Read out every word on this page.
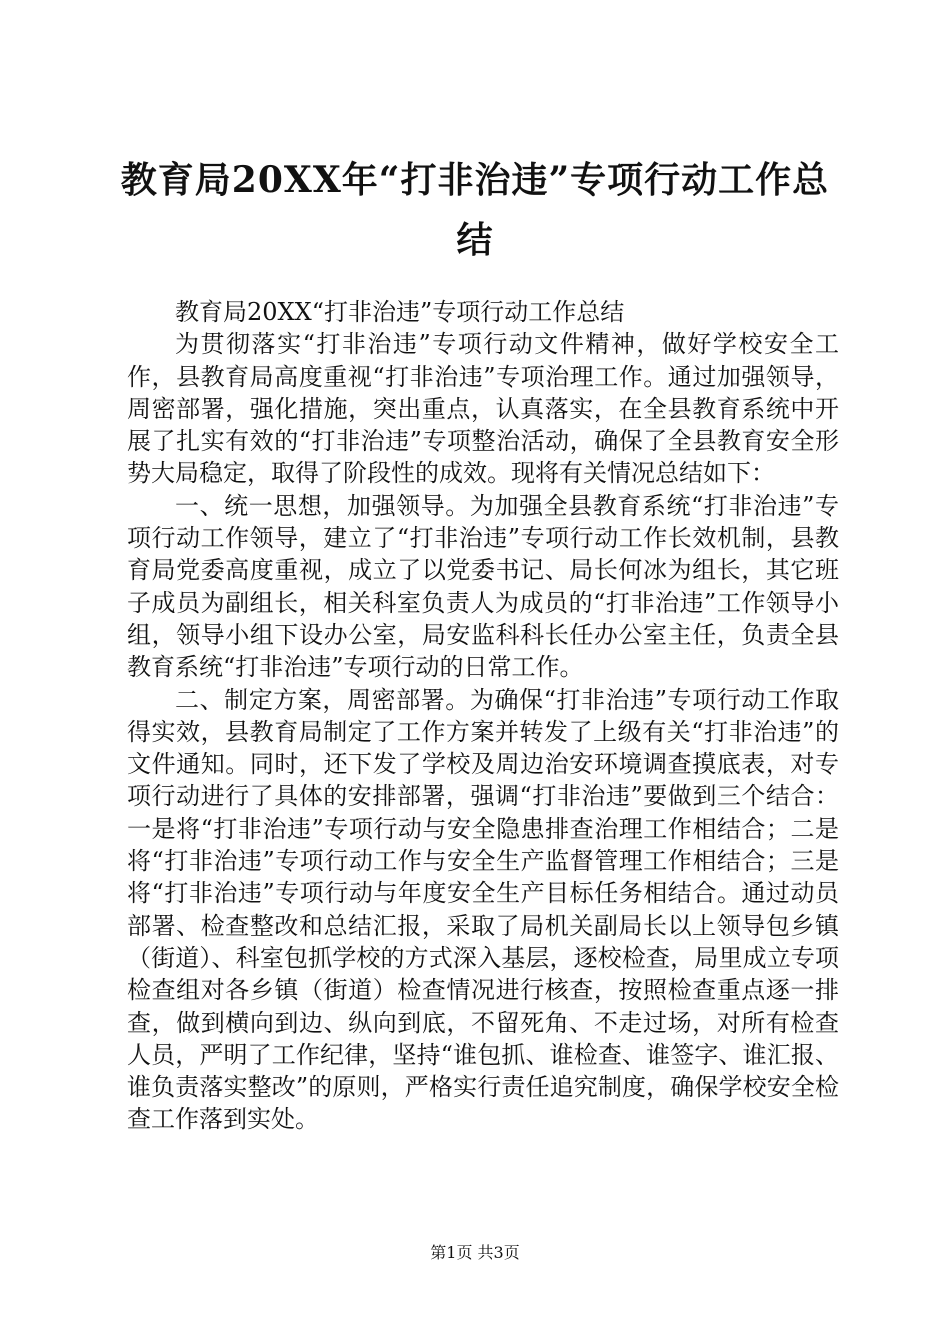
教育局20XX年“打非治违”专项行动工作总结

教育局20XX“打非治违”专项行动工作总结

为贯彻落实“打非治违”专项行动文件精神，做好学校安全工作，县教育局高度重视“打非治违”专项治理工作。通过加强领导，周密部署，强化措施，突出重点，认真落实，在全县教育系统中开展了扎实有效的“打非治违”专项整治活动，确保了全县教育安全形势大局稳定，取得了阶段性的成效。现将有关情况总结如下：

一、统一思想，加强领导。为加强全县教育系统“打非治违”专项行动工作领导，建立了“打非治违”专项行动工作长效机制，县教育局党委高度重视，成立了以党委书记、局长何冰为组长，其它班子成员为副组长，相关科室负责人为成员的“打非治违”工作领导小组，领导小组下设办公室，局安监科科长任办公室主任，负责全县教育系统“打非治违”专项行动的日常工作。

二、制定方案，周密部署。为确保“打非治违”专项行动工作取得实效，县教育局制定了工作方案并转发了上级有关“打非治违”的文件通知。同时，还下发了学校及周边治安环境调查摸底表，对专项行动进行了具体的安排部署，强调“打非治违”要做到三个结合：一是将“打非治违”专项行动与安全隐患排查治理工作相结合；二是将“打非治违”专项行动工作与安全生产监督管理工作相结合；三是将“打非治违”专项行动与年度安全生产目标任务相结合。通过动员部署、检查整改和总结汇报，采取了局机关副局长以上领导包乡镇（街道）、科室包抓学校的方式深入基层，逐校检查，局里成立专项检查组对各乡镇（街道）检查情况进行核查，按照检查重点逐一排查，做到横向到边、纵向到底，不留死角、不走过场，对所有检查人员，严明了工作纪律，坚持“谁包抓、谁检查、谁签字、谁汇报、谁负责落实整改”的原则，严格实行责任追究制度，确保学校安全检查工作落到实处。

第1页 共3页
